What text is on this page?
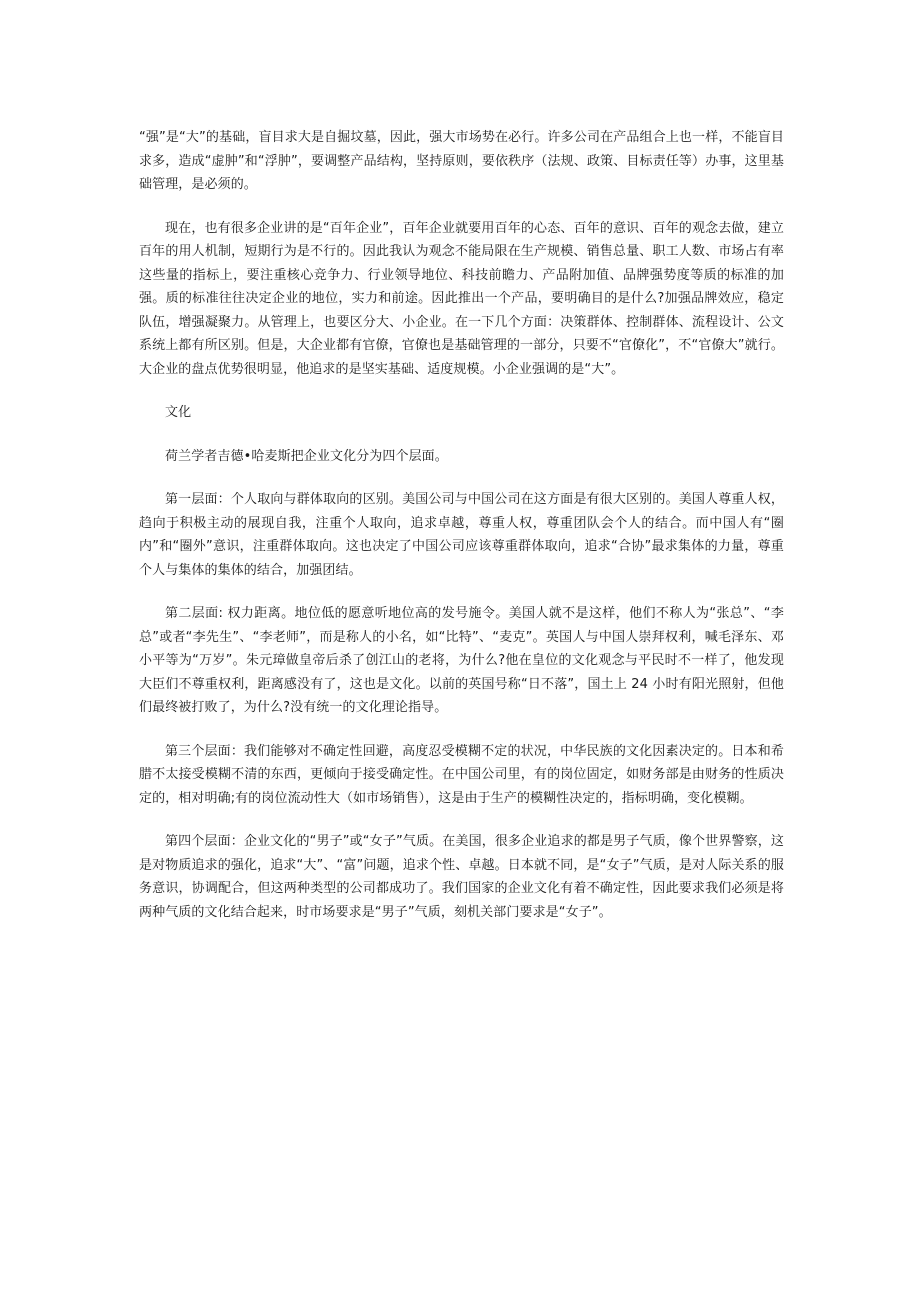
“强”是“大”的基础，盲目求大是自掘坟墓，因此，强大市场势在必行。许多公司在产品组合上也一样，不能盲目求多，造成“虚肿”和“浮肿”，要调整产品结构，坚持原则，要依秩序（法规、政策、目标责任等）办事，这里基础管理，是必须的。

现在，也有很多企业讲的是“百年企业”，百年企业就要用百年的心态、百年的意识、百年的观念去做，建立百年的用人机制，短期行为是不行的。因此我认为观念不能局限在生产规模、销售总量、职工人数、市场占有率这些量的指标上，要注重核心竞争力、行业领导地位、科技前瞻力、产品附加值、品牌强势度等质的标准的加强。质的标准往往决定企业的地位，实力和前途。因此推出一个产品，要明确目的是什么?加强品牌效应，稳定队伍，增强凝聚力。从管理上，也要区分大、小企业。在一下几个方面：决策群体、控制群体、流程设计、公文系统上都有所区别。但是，大企业都有官僚，官僚也是基础管理的一部分，只要不“官僚化”，不“官僚大”就行。大企业的盘点优势很明显，他追求的是坚实基础、适度规模。小企业强调的是“大”。

文化

荷兰学者吉德•哈麦斯把企业文化分为四个层面。

第一层面：个人取向与群体取向的区别。美国公司与中国公司在这方面是有很大区别的。美国人尊重人权，趋向于积极主动的展现自我，注重个人取向，追求卓越，尊重人权，尊重团队会个人的结合。而中国人有“圈内”和“圈外”意识，注重群体取向。这也决定了中国公司应该尊重群体取向，追求“合协”最求集体的力量，尊重个人与集体的集体的结合，加强团结。

第二层面: 权力距离。地位低的愿意听地位高的发号施令。美国人就不是这样，他们不称人为“张总”、“李总”或者“李先生”、“李老师”，而是称人的小名，如“比特”、“麦克”。英国人与中国人崇拜权利，喊毛泽东、邓小平等为“万岁”。朱元璋做皇帝后杀了创江山的老将，为什么?他在皇位的文化观念与平民时不一样了，他发现大臣们不尊重权利，距离感没有了，这也是文化。以前的英国号称“日不落”，国土上 24 小时有阳光照射，但他们最终被打败了，为什么?没有统一的文化理论指导。

第三个层面：我们能够对不确定性回避，高度忍受模糊不定的状况，中华民族的文化因素决定的。日本和希腊不太接受模糊不清的东西，更倾向于接受确定性。在中国公司里，有的岗位固定，如财务部是由财务的性质决定的，相对明确;有的岗位流动性大（如市场销售），这是由于生产的模糊性决定的，指标明确，变化模糊。

第四个层面：企业文化的“男子”或“女子”气质。在美国，很多企业追求的都是男子气质，像个世界警察，这是对物质追求的强化，追求“大”、“富”问题，追求个性、卓越。日本就不同，是“女子”气质，是对人际关系的服务意识，协调配合，但这两种类型的公司都成功了。我们国家的企业文化有着不确定性，因此要求我们必须是将两种气质的文化结合起来，时市场要求是“男子”气质，刻机关部门要求是“女子”。
